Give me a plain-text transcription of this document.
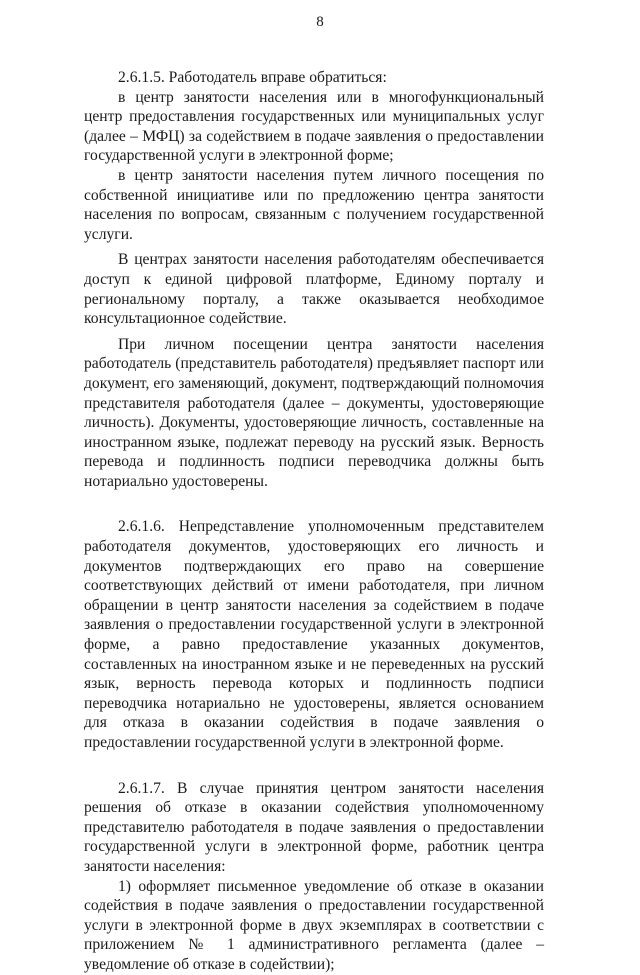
8

2.6.1.5. Работодатель вправе обратиться:

в центр занятости населения или в многофункциональный центр предоставления государственных или муниципальных услуг (далее – МФЦ) за содействием в подаче заявления о предоставлении государственной услуги в электронной форме;

в центр занятости населения путем личного посещения по собственной инициативе или по предложению центра занятости населения по вопросам, связанным с получением государственной услуги.

В центрах занятости населения работодателям обеспечивается доступ к единой цифровой платформе, Единому порталу и региональному порталу, а также оказывается необходимое консультационное содействие.

При личном посещении центра занятости населения работодатель (представитель работодателя) предъявляет паспорт или документ, его заменяющий, документ, подтверждающий полномочия представителя работодателя (далее – документы, удостоверяющие личность). Документы, удостоверяющие личность, составленные на иностранном языке, подлежат переводу на русский язык. Верность перевода и подлинность подписи переводчика должны быть нотариально удостоверены.

2.6.1.6. Непредставление уполномоченным представителем работодателя документов, удостоверяющих его личность и документов подтверждающих его право на совершение соответствующих действий от имени работодателя, при личном обращении в центр занятости населения за содействием в подаче заявления о предоставлении государственной услуги в электронной форме, а равно предоставление указанных документов, составленных на иностранном языке и не переведенных на русский язык, верность перевода которых и подлинность подписи переводчика нотариально не удостоверены, является основанием для отказа в оказании содействия в подаче заявления о предоставлении государственной услуги в электронной форме.

2.6.1.7. В случае принятия центром занятости населения решения об отказе в оказании содействия уполномоченному представителю работодателя в подаче заявления о предоставлении государственной услуги в электронной форме, работник центра занятости населения:

1) оформляет письменное уведомление об отказе в оказании содействия в подаче заявления о предоставлении государственной услуги в электронной форме в двух экземплярах в соответствии с приложением № 1 административного регламента (далее – уведомление об отказе в содействии);
